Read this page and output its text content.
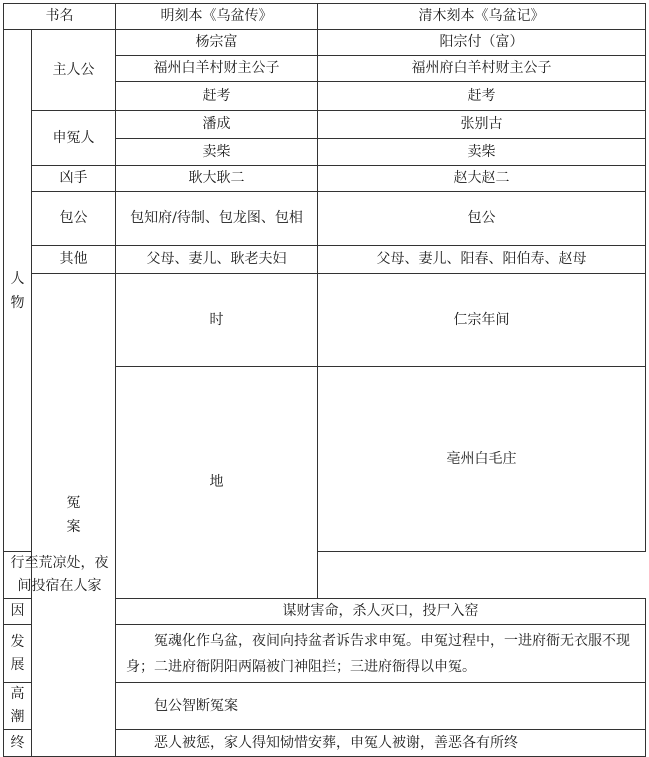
书名		明刻本《乌盆传》	清木刻本《乌盆记》	
人物	主人公	杨宗富	阳宗付（富）	
		福州白羊村财主公子	福州府白羊村财主公子	
		赶考	赶考	
	申冤人	潘成	张别古	
		卖柴	卖柴	
	凶手	耿大耿二	赵大赵二	
	包公	包知府/待制、包龙图、包相	包公	
	其他	父母、妻儿、耿老夫妇	父母、妻儿、阳春、阳伯寿、赵母	
	冤案	时	仁宗年间	
		地	亳州白毛庄	
行至荒凉处，夜间投宿在人家				
因		谋财害命，杀人灭口，投尸入窑		
发展		冤魂化作乌盆，夜间向持盆者诉告求申冤。申冤过程中，一进府衙无衣服不现身；二进府衙阴阳两隔被门神阻拦；三进府衙得以申冤。		
高潮		包公智断冤案		
终		恶人被惩，家人得知恸惜安葬，申冤人被谢，善恶各有所终		
